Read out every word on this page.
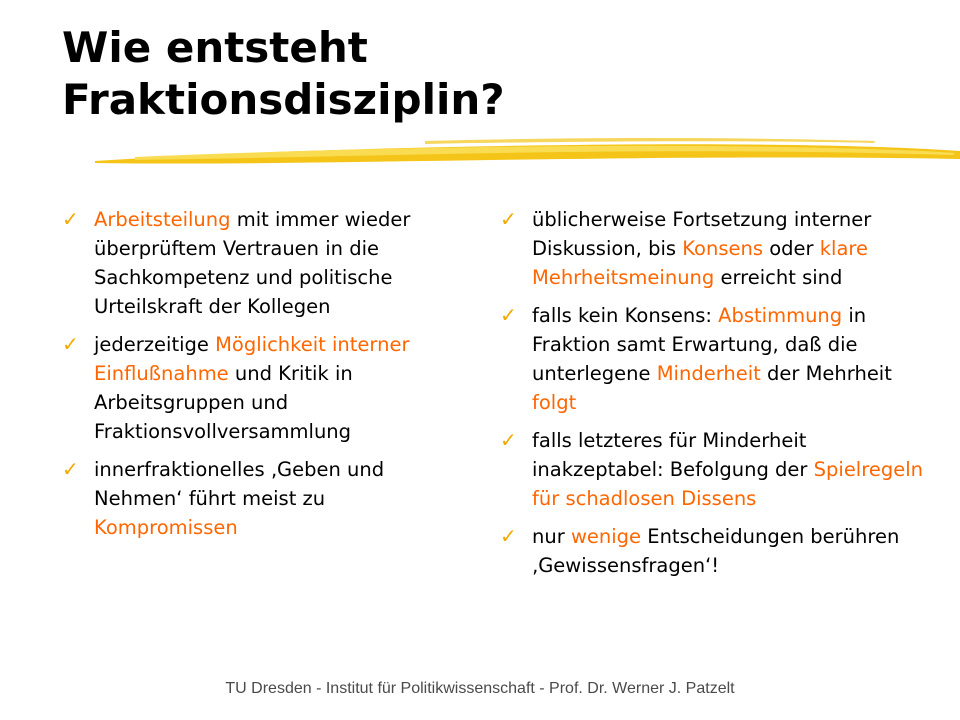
Wie entsteht
Fraktionsdisziplin?
✓ Arbeitsteilung mit immer wieder überprüftem Vertrauen in die Sachkompetenz und politische Urteilskraft der Kollegen
✓ jederzeitige Möglichkeit interner Einflußnahme und Kritik in Arbeitsgruppen und Fraktionsvollversammlung
✓ innerfraktionelles ‚Geben und Nehmen‘ führt meist zu Kompromissen
✓ üblicherweise Fortsetzung interner Diskussion, bis Konsens oder klare Mehrheitsmeinung erreicht sind
✓ falls kein Konsens: Abstimmung in Fraktion samt Erwartung, daß die unterlegene Minderheit der Mehrheit folgt
✓ falls letzteres für Minderheit inakzeptabel: Befolgung der Spielregeln für schadlosen Dissens
✓ nur wenige Entscheidungen berühren ‚Gewissensfragen‘!
TU Dresden - Institut für Politikwissenschaft - Prof. Dr. Werner J. Patzelt
